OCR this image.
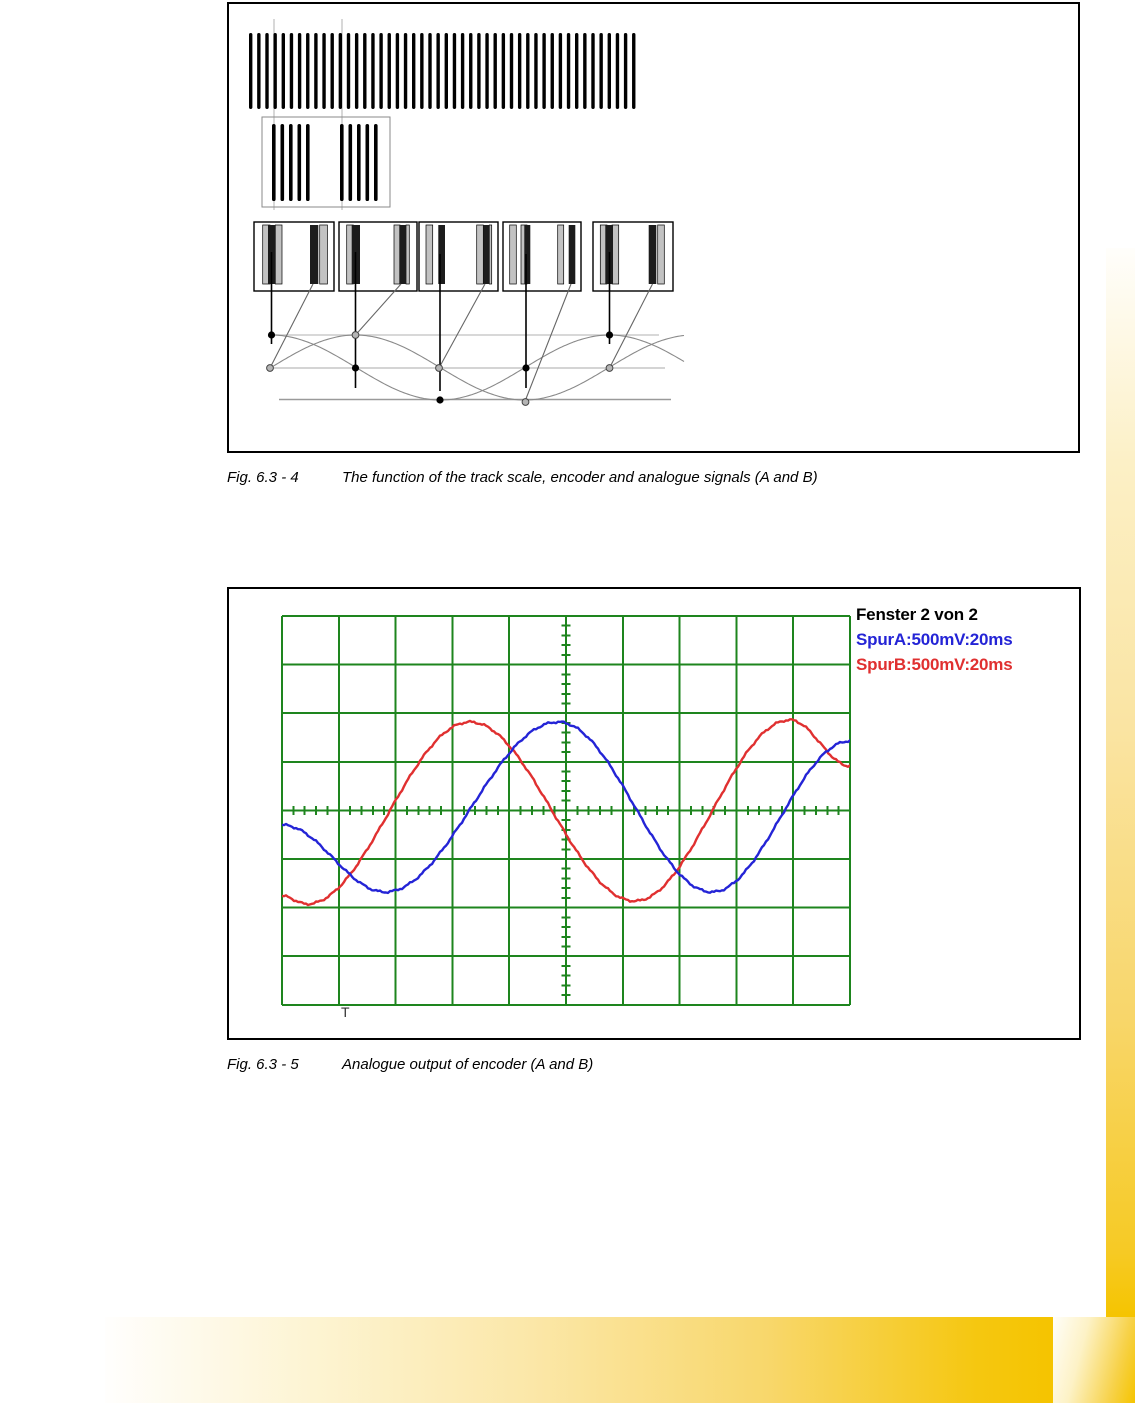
Fig. 6.3 - 4	The function of the track scale, encoder and analogue signals (A and B)
Fenster 2 von 2
SpurA:500mV:20ms
SpurB:500mV:20ms
T
Fig. 6.3 - 5	Analogue output of encoder (A and B)
